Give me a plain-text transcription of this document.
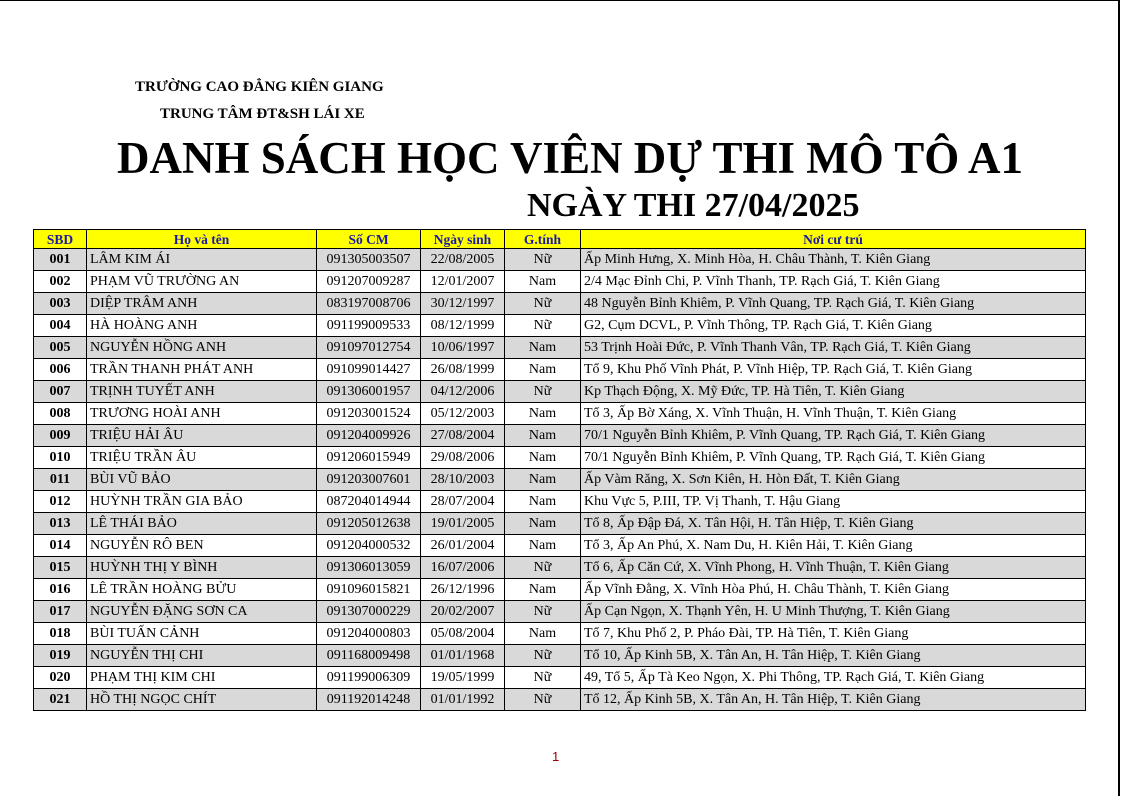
TRƯỜNG CAO ĐẲNG KIÊN GIANG
TRUNG TÂM ĐT&SH LÁI XE
DANH SÁCH HỌC VIÊN DỰ THI MÔ TÔ A1
NGÀY THI 27/04/2025
SBD	Họ và tên	Số CM	Ngày sinh	G.tính	Nơi cư trú
001	LÂM KIM ÁI	091305003507	22/08/2005	Nữ	Ấp Minh Hưng, X. Minh Hòa, H. Châu Thành, T. Kiên Giang
002	PHẠM VŨ TRƯỜNG AN	091207009287	12/01/2007	Nam	2/4 Mạc Đỉnh Chi, P. Vĩnh Thanh, TP. Rạch Giá, T. Kiên Giang
003	DIỆP TRÂM ANH	083197008706	30/12/1997	Nữ	48 Nguyễn Bỉnh Khiêm, P. Vĩnh Quang, TP. Rạch Giá, T. Kiên Giang
004	HÀ HOÀNG ANH	091199009533	08/12/1999	Nữ	G2, Cụm DCVL, P. Vĩnh Thông, TP. Rạch Giá, T. Kiên Giang
005	NGUYỄN HỒNG ANH	091097012754	10/06/1997	Nam	53 Trịnh Hoài Đức, P. Vĩnh Thanh Vân, TP. Rạch Giá, T. Kiên Giang
006	TRẦN THANH PHÁT ANH	091099014427	26/08/1999	Nam	Tổ 9, Khu Phố Vĩnh Phát, P. Vĩnh Hiệp, TP. Rạch Giá, T. Kiên Giang
007	TRỊNH TUYẾT ANH	091306001957	04/12/2006	Nữ	Kp Thạch Động, X. Mỹ Đức, TP. Hà Tiên, T. Kiên Giang
008	TRƯƠNG HOÀI ANH	091203001524	05/12/2003	Nam	Tổ 3, Ấp Bờ Xáng, X. Vĩnh Thuận, H. Vĩnh Thuận, T. Kiên Giang
009	TRIỆU HẢI ÂU	091204009926	27/08/2004	Nam	70/1 Nguyễn Bỉnh Khiêm, P. Vĩnh Quang, TP. Rạch Giá, T. Kiên Giang
010	TRIỆU TRẦN ÂU	091206015949	29/08/2006	Nam	70/1 Nguyễn Bỉnh Khiêm, P. Vĩnh Quang, TP. Rạch Giá, T. Kiên Giang
011	BÙI VŨ BẢO	091203007601	28/10/2003	Nam	Ấp Vàm Răng, X. Sơn Kiên, H. Hòn Đất, T. Kiên Giang
012	HUỲNH TRẦN GIA BẢO	087204014944	28/07/2004	Nam	Khu Vực 5, P.III, TP. Vị Thanh, T. Hậu Giang
013	LÊ THÁI BẢO	091205012638	19/01/2005	Nam	Tổ 8, Ấp Đập Đá, X. Tân Hội, H. Tân Hiệp, T. Kiên Giang
014	NGUYỄN RÔ BEN	091204000532	26/01/2004	Nam	Tổ 3, Ấp An Phú, X. Nam Du, H. Kiên Hải, T. Kiên Giang
015	HUỲNH THỊ Y BÌNH	091306013059	16/07/2006	Nữ	Tổ 6, Ấp Căn Cứ, X. Vĩnh Phong, H. Vĩnh Thuận, T. Kiên Giang
016	LÊ TRẦN HOÀNG BỬU	091096015821	26/12/1996	Nam	Ấp Vĩnh Đằng, X. Vĩnh Hòa Phú, H. Châu Thành, T. Kiên Giang
017	NGUYỄN ĐẶNG SƠN CA	091307000229	20/02/2007	Nữ	Ấp Cạn Ngọn, X. Thạnh Yên, H. U Minh Thượng, T. Kiên Giang
018	BÙI TUẤN CẢNH	091204000803	05/08/2004	Nam	Tổ 7, Khu Phố 2, P. Pháo Đài, TP. Hà Tiên, T. Kiên Giang
019	NGUYỄN THỊ CHI	091168009498	01/01/1968	Nữ	Tổ 10, Ấp Kinh 5B, X. Tân An, H. Tân Hiệp, T. Kiên Giang
020	PHẠM THỊ KIM CHI	091199006309	19/05/1999	Nữ	49, Tổ 5, Ấp Tà Keo Ngọn, X. Phi Thông, TP. Rạch Giá, T. Kiên Giang
021	HỒ THỊ NGỌC CHÍT	091192014248	01/01/1992	Nữ	Tổ 12, Ấp Kinh 5B, X. Tân An, H. Tân Hiệp, T. Kiên Giang
1
